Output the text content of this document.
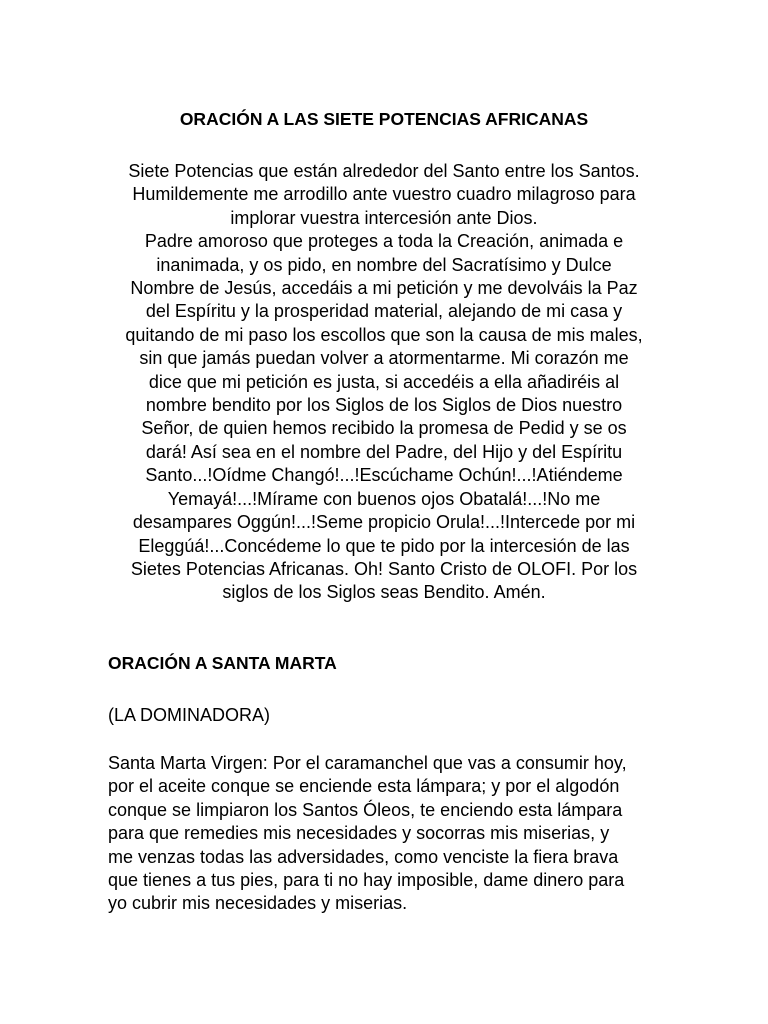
ORACIÓN A LAS SIETE POTENCIAS AFRICANAS
Siete Potencias que están alrededor del Santo entre los Santos.
Humildemente me arrodillo ante vuestro cuadro milagroso para
implorar vuestra intercesión ante Dios.
Padre amoroso que proteges a toda la Creación, animada e
inanimada, y os pido, en nombre del Sacratísimo y Dulce
Nombre de Jesús, accedáis a mi petición y me devolváis la Paz
del Espíritu y la prosperidad material, alejando de mi casa y
quitando de mi paso los escollos que son la causa de mis males,
sin que jamás puedan volver a atormentarme. Mi corazón me
dice que mi petición es justa, si accedéis a ella añadiréis al
nombre bendito por los Siglos de los Siglos de Dios nuestro
Señor, de quien hemos recibido la promesa de Pedid y se os
dará! Así sea en el nombre del Padre, del Hijo y del Espíritu
Santo...!Oídme Changó!...!Escúchame Ochún!...!Atiéndeme
Yemayá!...!Mírame con buenos ojos Obatalá!...!No me
desampares Oggún!...!Seme propicio Orula!...!Intercede por mi
Eleggúá!...Concédeme lo que te pido por la intercesión de las
Sietes Potencias Africanas. Oh! Santo Cristo de OLOFI. Por los
siglos de los Siglos seas Bendito. Amén.
ORACIÓN A SANTA MARTA
(LA DOMINADORA)
Santa Marta Virgen: Por el caramanchel que vas a consumir hoy,
por el aceite conque se enciende esta lámpara; y por el algodón
conque se limpiaron los Santos Óleos, te enciendo esta lámpara
para que remedies mis necesidades y socorras mis miserias, y
me venzas todas las adversidades, como venciste la fiera brava
que tienes a tus pies, para ti no hay imposible, dame dinero para
yo cubrir mis necesidades y miserias.
